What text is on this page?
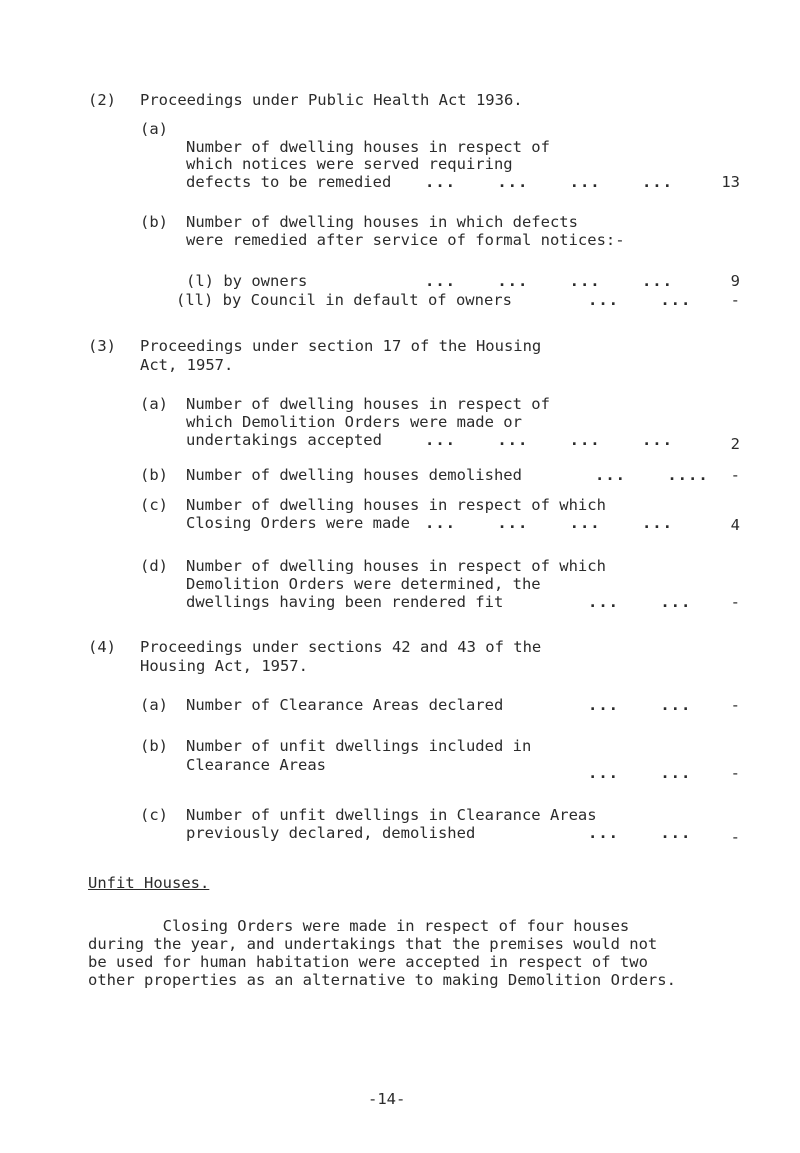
(2) Proceedings under Public Health Act 1936.
(a)
Number of dwelling houses in respect of
which notices were served requiring
defects to be remedied ...    ...    ...    ...	13
(b) Number of dwelling houses in which defects
were remedied after service of formal notices:-
(l) by owners	...    ...    ...    ...	9
(ll) by Council in default of owners	...    ...	-
(3) Proceedings under section 17 of the Housing
Act, 1957.
(a) Number of dwelling houses in respect of
which Demolition Orders were made or
undertakings accepted	...    ...    ...    ...	2
(b) Number of dwelling houses demolished	...    ....	-
(c) Number of dwelling houses in respect of which
Closing Orders were made ...    ...    ...    ...	4
(d) Number of dwelling houses in respect of which
Demolition Orders were determined, the
dwellings having been rendered fit	...    ...	-
(4) Proceedings under sections 42 and 43 of the
Housing Act, 1957.
(a) Number of Clearance Areas declared	...    ...	-
(b) Number of unfit dwellings included in
Clearance Areas	...    ...	-
(c) Number of unfit dwellings in Clearance Areas
previously declared, demolished	...    ...	-
Unfit Houses.
Closing Orders were made in respect of four houses
during the year, and undertakings that the premises would not
be used for human habitation were accepted in respect of two
other properties as an alternative to making Demolition Orders.
-14-
